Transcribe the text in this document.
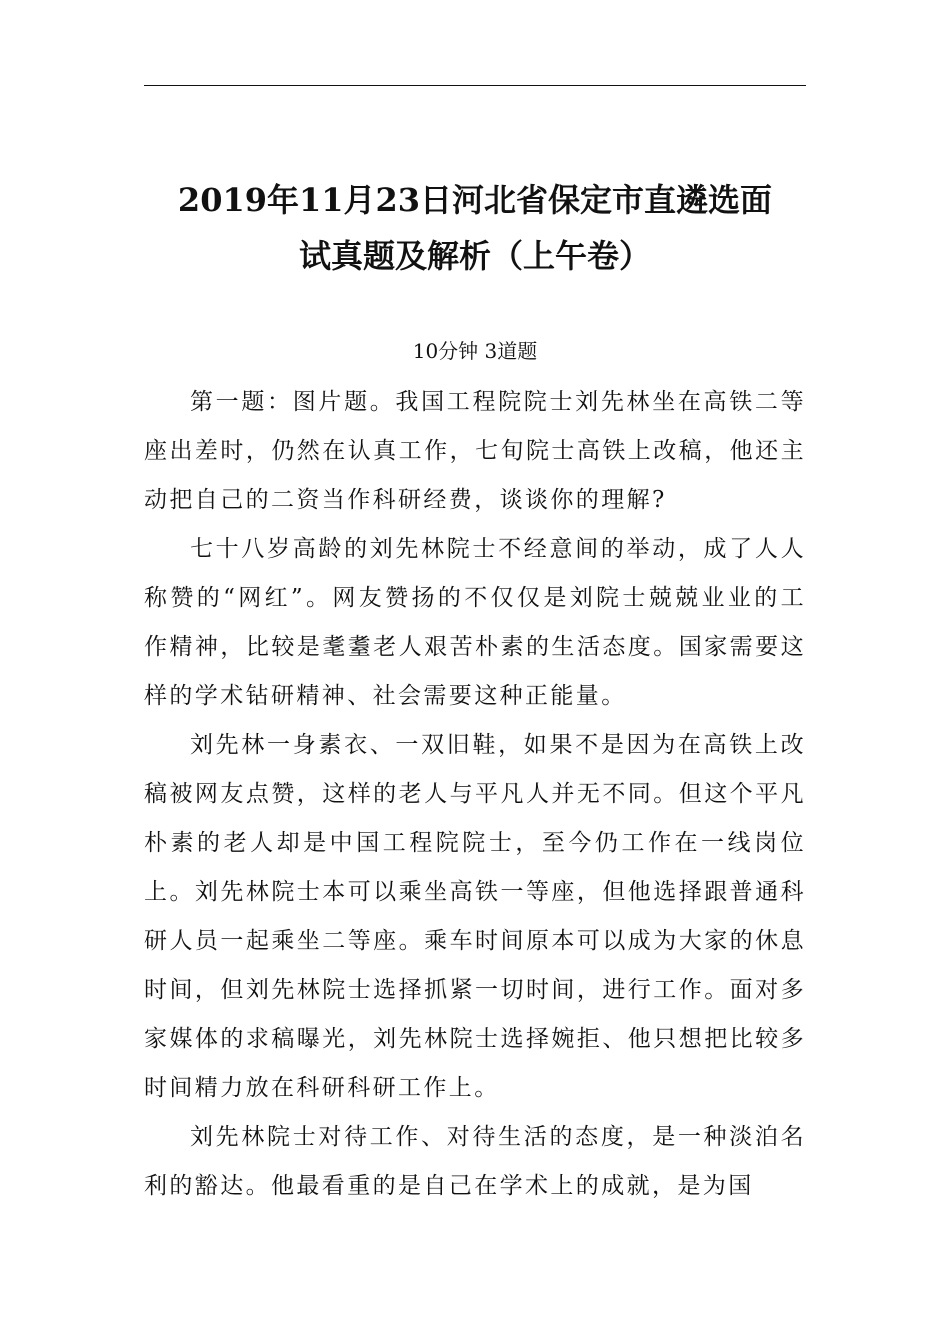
2019年11月23日河北省保定市直遴选面
试真题及解析（上午卷）

10分钟 3道题

第一题：图片题。我国工程院院士刘先林坐在高铁二等座出差时，仍然在认真工作，七旬院士高铁上改稿，他还主动把自己的二资当作科研经费，谈谈你的理解?

七十八岁高龄的刘先林院士不经意间的举动，成了人人称赞的“网红”。网友赞扬的不仅仅是刘院士兢兢业业的工作精神，比较是耄耋老人艰苦朴素的生活态度。国家需要这样的学术钻研精神、社会需要这种正能量。

刘先林一身素衣、一双旧鞋，如果不是因为在高铁上改稿被网友点赞，这样的老人与平凡人并无不同。但这个平凡朴素的老人却是中国工程院院士，至今仍工作在一线岗位上。刘先林院士本可以乘坐高铁一等座，但他选择跟普通科研人员一起乘坐二等座。乘车时间原本可以成为大家的休息时间，但刘先林院士选择抓紧一切时间，进行工作。面对多家媒体的求稿曝光，刘先林院士选择婉拒、他只想把比较多时间精力放在科研科研工作上。

刘先林院士对待工作、对待生活的态度，是一种淡泊名利的豁达。他最看重的是自己在学术上的成就，是为国
